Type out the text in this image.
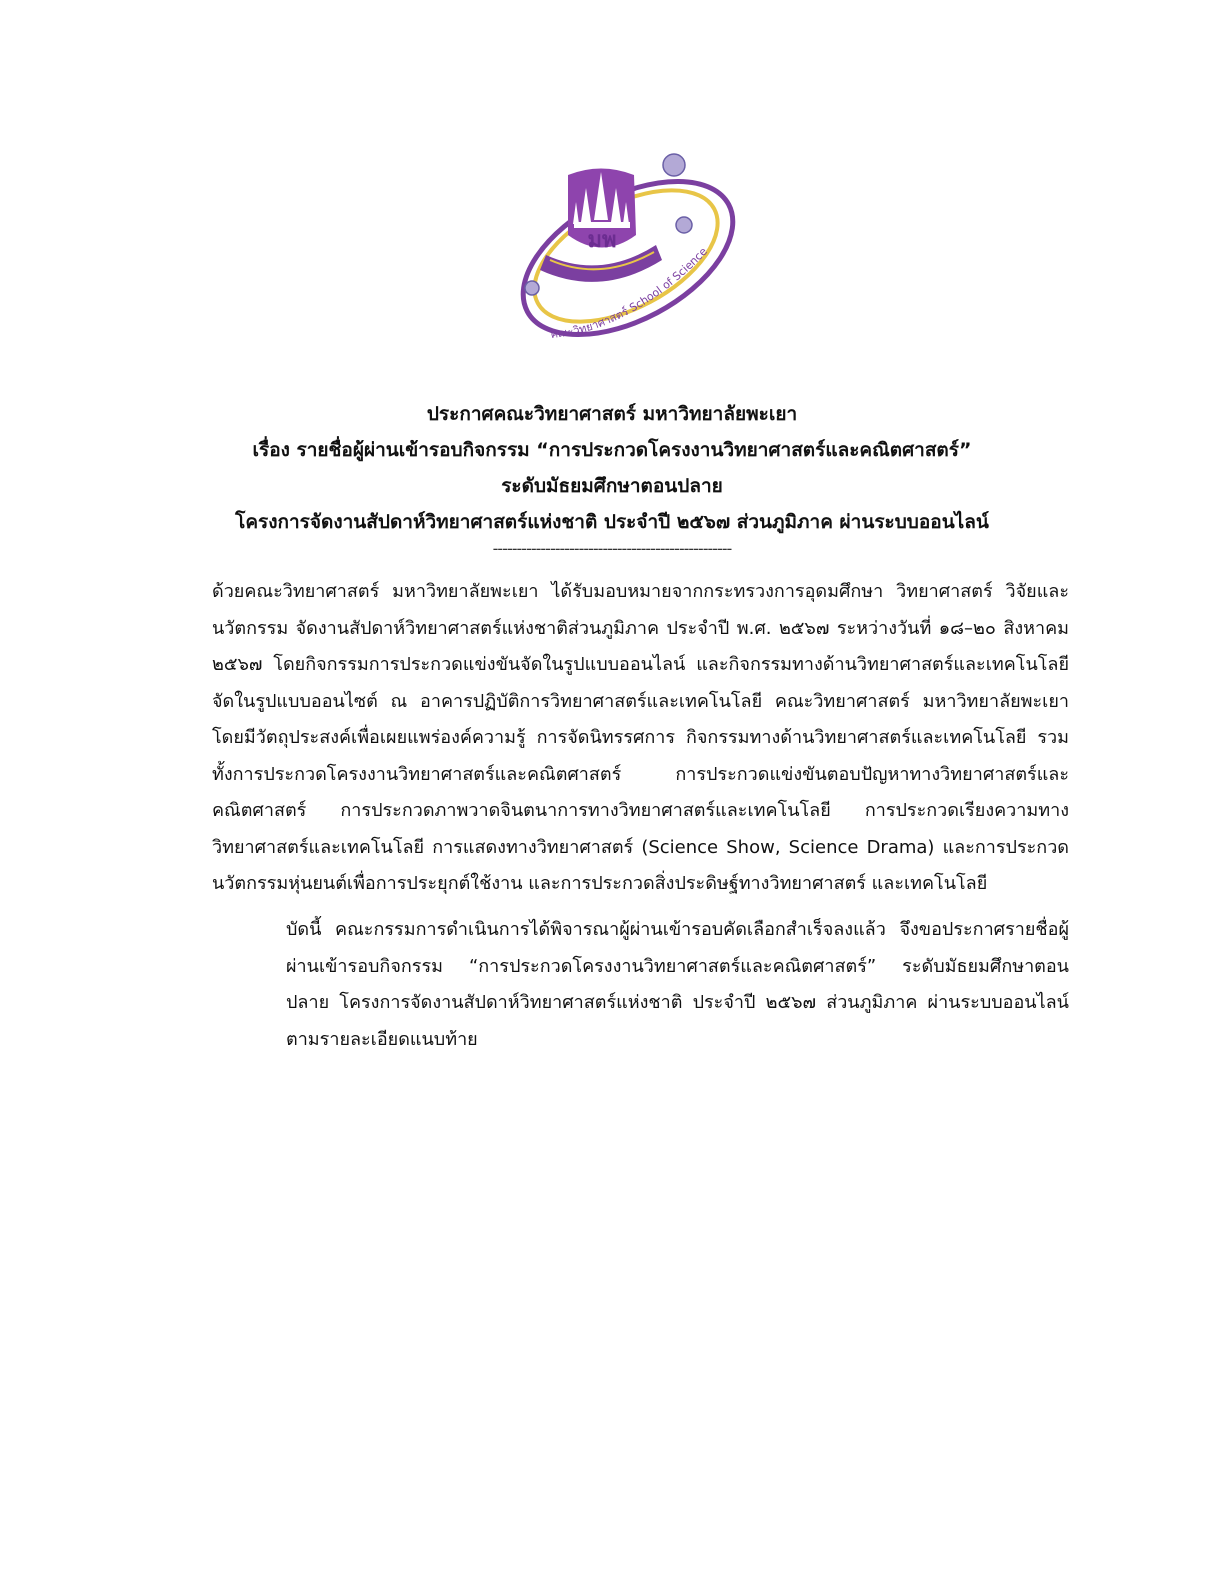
มพ
คณะวิทยาศาสตร์ School of Science
ประกาศคณะวิทยาศาสตร์ มหาวิทยาลัยพะเยา
เรื่อง รายชื่อผู้ผ่านเข้ารอบกิจกรรม “การประกวดโครงงานวิทยาศาสตร์และคณิตศาสตร์”
ระดับมัธยมศึกษาตอนปลาย
โครงการจัดงานสัปดาห์วิทยาศาสตร์แห่งชาติ ประจำปี ๒๕๖๗ ส่วนภูมิภาค ผ่านระบบออนไลน์
--------------------------------------------------
ด้วยคณะวิทยาศาสตร์ มหาวิทยาลัยพะเยา ได้รับมอบหมายจากกระทรวงการอุดมศึกษา วิทยาศาสตร์ วิจัยและนวัตกรรม จัดงานสัปดาห์วิทยาศาสตร์แห่งชาติส่วนภูมิภาค ประจำปี พ.ศ. ๒๕๖๗ ระหว่างวันที่ ๑๘–๒๐ สิงหาคม ๒๕๖๗ โดยกิจกรรมการประกวดแข่งขันจัดในรูปแบบออนไลน์ และกิจกรรมทางด้านวิทยาศาสตร์และเทคโนโลยีจัดในรูปแบบออนไซต์ ณ อาคารปฏิบัติการวิทยาศาสตร์และเทคโนโลยี คณะวิทยาศาสตร์ มหาวิทยาลัยพะเยา โดยมีวัตถุประสงค์เพื่อเผยแพร่องค์ความรู้ การจัดนิทรรศการ กิจกรรมทางด้านวิทยาศาสตร์และเทคโนโลยี รวมทั้งการประกวดโครงงานวิทยาศาสตร์และคณิตศาสตร์ การประกวดแข่งขันตอบปัญหาทางวิทยาศาสตร์และคณิตศาสตร์ การประกวดภาพวาดจินตนาการทางวิทยาศาสตร์และเทคโนโลยี การประกวดเรียงความทางวิทยาศาสตร์และเทคโนโลยี การแสดงทางวิทยาศาสตร์ (Science Show, Science Drama) และการประกวดนวัตกรรมหุ่นยนต์เพื่อการประยุกต์ใช้งาน และการประกวดสิ่งประดิษฐ์ทางวิทยาศาสตร์ และเทคโนโลยี
บัดนี้ คณะกรรมการดำเนินการได้พิจารณาผู้ผ่านเข้ารอบคัดเลือกสำเร็จลงแล้ว จึงขอประกาศรายชื่อผู้ผ่านเข้ารอบกิจกรรม “การประกวดโครงงานวิทยาศาสตร์และคณิตศาสตร์” ระดับมัธยมศึกษาตอนปลาย โครงการจัดงานสัปดาห์วิทยาศาสตร์แห่งชาติ ประจำปี ๒๕๖๗ ส่วนภูมิภาค ผ่านระบบออนไลน์ ตามรายละเอียดแนบท้าย
